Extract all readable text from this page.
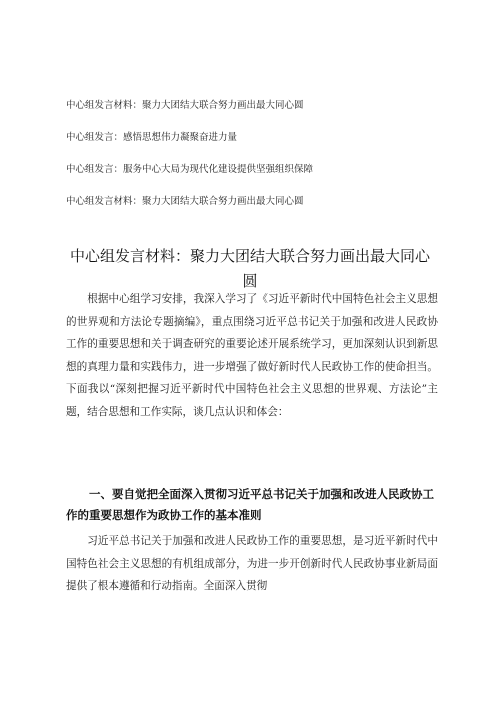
中心组发言材料：聚力大团结大联合努力画出最大同心圆
中心组发言：感悟思想伟力凝聚奋进力量
中心组发言：服务中心大局为现代化建设提供坚强组织保障
中心组发言材料：聚力大团结大联合努力画出最大同心圆
中心组发言材料：聚力大团结大联合努力画出最大同心
圆

根据中心组学习安排，我深入学习了《习近平新时代中国特色社会主义思想的世界观和方法论专题摘编》，重点围绕习近平总书记关于加强和改进人民政协工作的重要思想和关于调查研究的重要论述开展系统学习，更加深刻认识到新思想的真理力量和实践伟力，进一步增强了做好新时代人民政协工作的使命担当。下面我以“深刻把握习近平新时代中国特色社会主义思想的世界观、方法论”主题，结合思想和工作实际，谈几点认识和体会：

一、要自觉把全面深入贯彻习近平总书记关于加强和改进人民政协工作的重要思想作为政协工作的基本准则

习近平总书记关于加强和改进人民政协工作的重要思想，是习近平新时代中国特色社会主义思想的有机组成部分，为进一步开创新时代人民政协事业新局面提供了根本遵循和行动指南。全面深入贯彻
